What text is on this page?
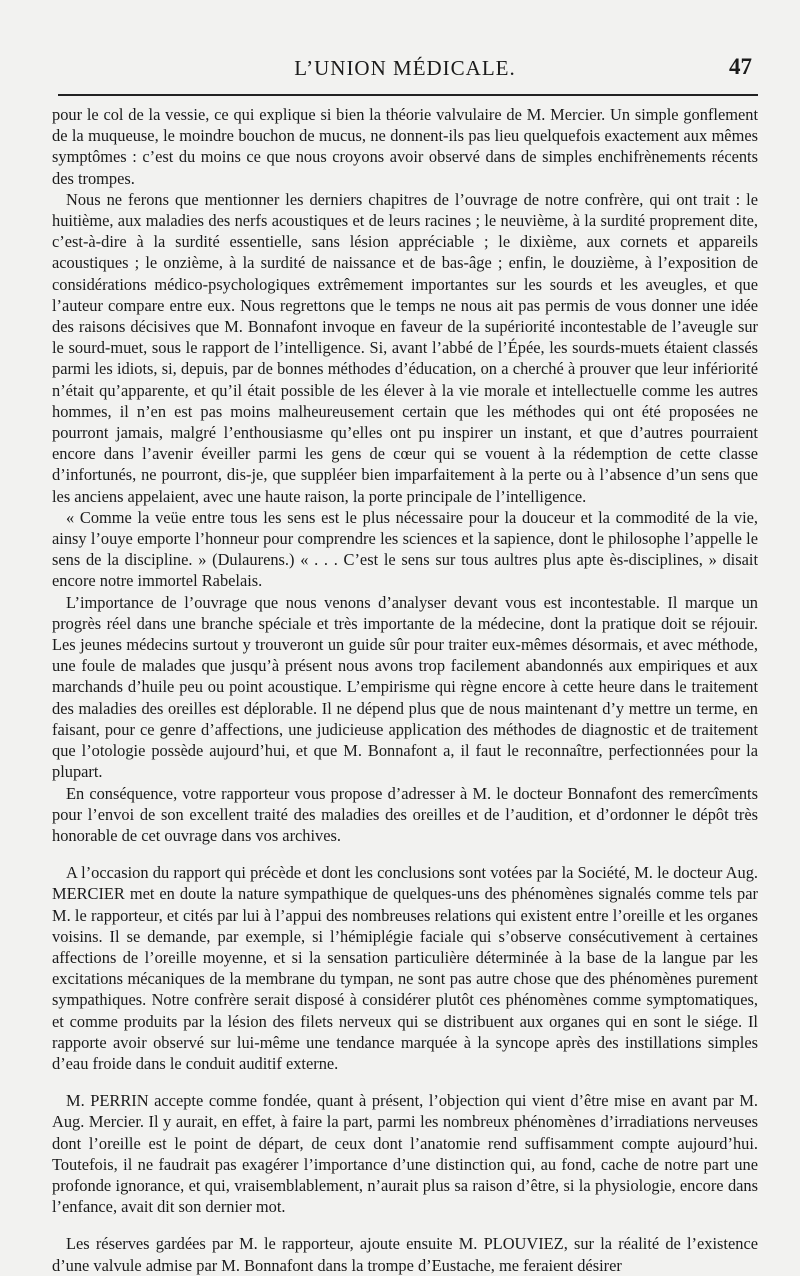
L’UNION MÉDICALE.	47

pour le col de la vessie, ce qui explique si bien la théorie valvulaire de M. Mercier. Un simple gonflement de la muqueuse, le moindre bouchon de mucus, ne donnent-ils pas lieu quelquefois exactement aux mêmes symptômes : c’est du moins ce que nous croyons avoir observé dans de simples enchifrènements récents des trompes.

Nous ne ferons que mentionner les derniers chapitres de l’ouvrage de notre confrère, qui ont trait : le huitième, aux maladies des nerfs acoustiques et de leurs racines ; le neuvième, à la surdité proprement dite, c’est-à-dire à la surdité essentielle, sans lésion appréciable ; le dixième, aux cornets et appareils acoustiques ; le onzième, à la surdité de naissance et de bas-âge ; enfin, le douzième, à l’exposition de considérations médico-psychologiques extrêmement importantes sur les sourds et les aveugles, et que l’auteur compare entre eux. Nous regrettons que le temps ne nous ait pas permis de vous donner une idée des raisons décisives que M. Bonnafont invoque en faveur de la supériorité incontestable de l’aveugle sur le sourd-muet, sous le rapport de l’intelligence. Si, avant l’abbé de l’Épée, les sourds-muets étaient classés parmi les idiots, si, depuis, par de bonnes méthodes d’éducation, on a cherché à prouver que leur infériorité n’était qu’apparente, et qu’il était possible de les élever à la vie morale et intellectuelle comme les autres hommes, il n’en est pas moins malheureusement certain que les méthodes qui ont été proposées ne pourront jamais, malgré l’enthousiasme qu’elles ont pu inspirer un instant, et que d’autres pourraient encore dans l’avenir éveiller parmi les gens de cœur qui se vouent à la rédemption de cette classe d’infortunés, ne pourront, dis-je, que suppléer bien imparfaitement à la perte ou à l’absence d’un sens que les anciens appelaient, avec une haute raison, la porte principale de l’intelligence.

« Comme la veüe entre tous les sens est le plus nécessaire pour la douceur et la commodité de la vie, ainsy l’ouye emporte l’honneur pour comprendre les sciences et la sapience, dont le philosophe l’appelle le sens de la discipline. » (Dulaurens.) « . . . C’est le sens sur tous aultres plus apte ès-disciplines, » disait encore notre immortel Rabelais.

L’importance de l’ouvrage que nous venons d’analyser devant vous est incontestable. Il marque un progrès réel dans une branche spéciale et très importante de la médecine, dont la pratique doit se réjouir. Les jeunes médecins surtout y trouveront un guide sûr pour traiter eux-mêmes désormais, et avec méthode, une foule de malades que jusqu’à présent nous avons trop facilement abandonnés aux empiriques et aux marchands d’huile peu ou point acoustique. L’empirisme qui règne encore à cette heure dans le traitement des maladies des oreilles est déplorable. Il ne dépend plus que de nous maintenant d’y mettre un terme, en faisant, pour ce genre d’affections, une judicieuse application des méthodes de diagnostic et de traitement que l’otologie possède aujourd’hui, et que M. Bonnafont a, il faut le reconnaître, perfectionnées pour la plupart.

En conséquence, votre rapporteur vous propose d’adresser à M. le docteur Bonnafont des remercîments pour l’envoi de son excellent traité des maladies des oreilles et de l’audition, et d’ordonner le dépôt très honorable de cet ouvrage dans vos archives.

A l’occasion du rapport qui précède et dont les conclusions sont votées par la Société, M. le docteur Aug. MERCIER met en doute la nature sympathique de quelques-uns des phénomènes signalés comme tels par M. le rapporteur, et cités par lui à l’appui des nombreuses relations qui existent entre l’oreille et les organes voisins. Il se demande, par exemple, si l’hémiplégie faciale qui s’observe consécutivement à certaines affections de l’oreille moyenne, et si la sensation particulière déterminée à la base de la langue par les excitations mécaniques de la membrane du tympan, ne sont pas autre chose que des phénomènes purement sympathiques. Notre confrère serait disposé à considérer plutôt ces phénomènes comme symptomatiques, et comme produits par la lésion des filets nerveux qui se distribuent aux organes qui en sont le siége. Il rapporte avoir observé sur lui-même une tendance marquée à la syncope après des instillations simples d’eau froide dans le conduit auditif externe.

M. PERRIN accepte comme fondée, quant à présent, l’objection qui vient d’être mise en avant par M. Aug. Mercier. Il y aurait, en effet, à faire la part, parmi les nombreux phénomènes d’irradiations nerveuses dont l’oreille est le point de départ, de ceux dont l’anatomie rend suffisamment compte aujourd’hui. Toutefois, il ne faudrait pas exagérer l’importance d’une distinction qui, au fond, cache de notre part une profonde ignorance, et qui, vraisemblablement, n’aurait plus sa raison d’être, si la physiologie, encore dans l’enfance, avait dit son dernier mot.

Les réserves gardées par M. le rapporteur, ajoute ensuite M. PLOUVIEZ, sur la réalité de l’existence d’une valvule admise par M. Bonnafont dans la trompe d’Eustache, me feraient désirer
